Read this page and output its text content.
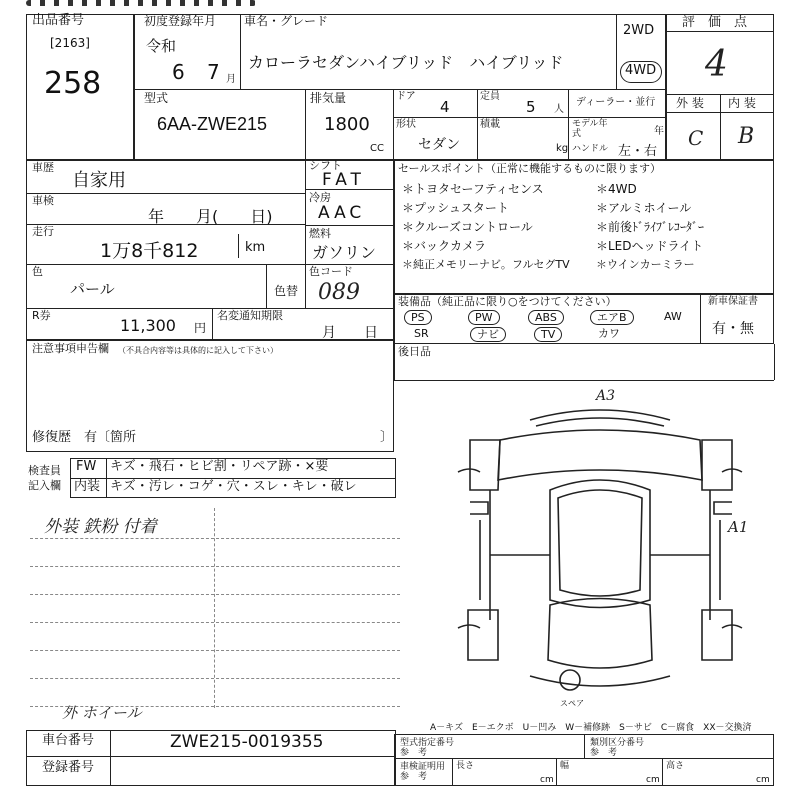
出品番号
[2163]
258
初度登録年月
令和
6 7 月
車名・グレード
カローラセダンハイブリッド　ハイブリッド
2WD
4WD
評　価　点
4
外 装 内 装
C B
型式
6AA-ZWE215
排気量
1800
CC
ドア
4
定員
5 人
ディーラー・並行
形状
セダン
積載
kg
モデル年式	年
ハンドル 左・右
車歴
自家用
車検
年　　月(　　日)
走行
1万8千812	km
色
パール	色替
R券
11,300 円
名変通知期限
月　　日
シフト
FAT
冷房
AAC
燃料
ガソリン
色コード
089
セールスポイント（正常に機能するものに限ります）
＊トヨタセーフティセンス	＊4WD
＊プッシュスタート	＊アルミホイール
＊クルーズコントロール	＊前後ﾄﾞﾗｲﾌﾞﾚｺｰﾀﾞｰ
＊バックカメラ	＊LEDヘッドライト
＊純正メモリーナビ。フルセグTV ＊ウインカーミラー
装備品（純正品に限り○をつけてください）	新車保証書
有・無
PS	PW	ABS	エアB	AW
SR	ナビ	TV	カワ
後日品
注意事項申告欄 （不具合内容等は具体的に記入して下さい）
修復歴　有〔箇所	〕
検査員記入欄
FW キズ・飛石・ヒビ割・リペア跡・×要
内装 キズ・汚レ・コゲ・穴・スレ・キレ・破レ
外装 鉄粉 付着
外 ホイール
A3
A1
スペア
A－キズ　E－エクボ　U－凹み　W－補修跡　S－サビ　C－腐食　XX－交換済
車台番号	ZWE215-0019355
登録番号
型式指定番号 参　考
類別区分番号 参　考
車検証明用 参　考
長さ
cm
幅
cm
高さ
cm
